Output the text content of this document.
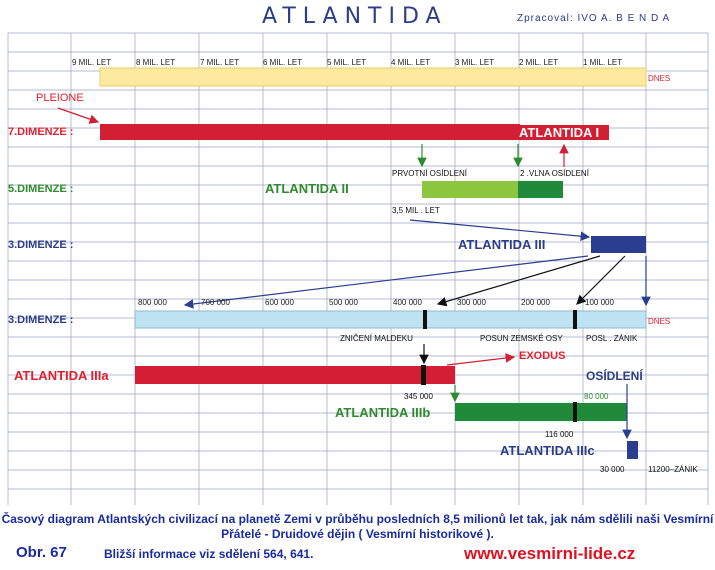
ATLANTIDA	Zpracoval: IVO A. B E N D A
9 MIL. LET	8 MIL. LET	7 MIL. LET	6 MIL. LET	5 MIL. LET	4 MIL. LET	3 MIL. LET	2 MIL. LET	1 MIL. LET
DNES
PLEIONE
7.DIMENZE :	ATLANTIDA I
PRVOTNÍ OSÍDLENÍ	2 .VLNA OSÍDLENÍ
5.DIMENZE :	ATLANTIDA II
3,5 MIL . LET
3.DIMENZE :	ATLANTIDA III
800 000	700 000	600 000	500 000	400 000	300 000	200 000	100 000
DNES
3.DIMENZE :
ZNIČENÍ MALDEKU	POSUN ZEMSKÉ OSY	POSL . ZÁNIK
ATLANTIDA IIIa
EXODUS
OSÍDLENÍ
345 000	80 000
ATLANTIDA IIIb
116 000
ATLANTIDA IIIc
30 000	11200–ZÁNIK
Časový diagram Atlantských civilizací na planetě Zemi v průběhu posledních 8,5 milionů let tak, jak nám sdělili naši Vesmírní Přátelé - Druidové dějin ( Vesmírní historikové ).
Obr. 67	Bližší informace viz sdělení 564, 641.	www.vesmirni-lide.cz
